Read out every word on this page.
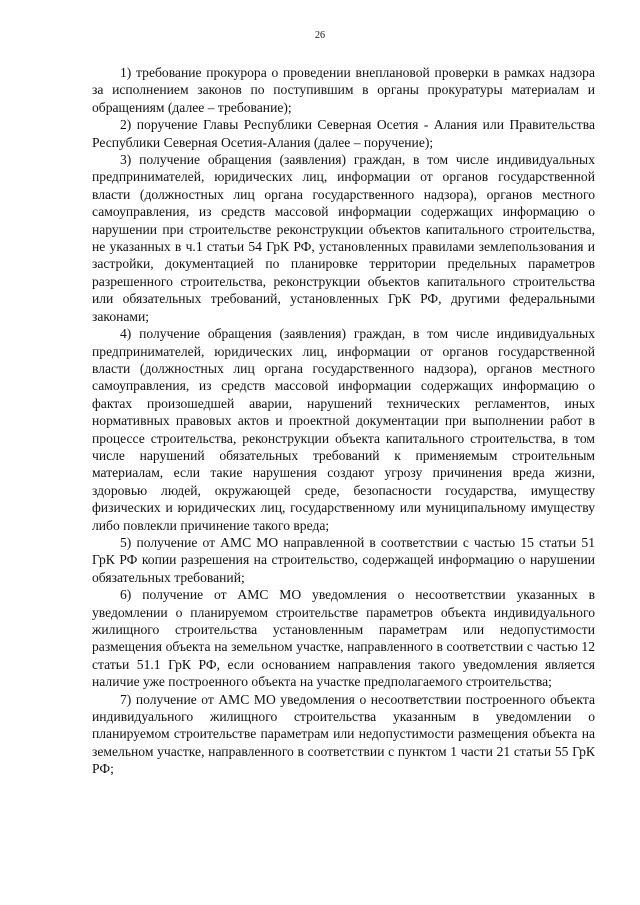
26

1) требование прокурора о проведении внеплановой проверки в рамках надзора за исполнением законов по поступившим в органы прокуратуры материалам и обращениям (далее – требование);

2) поручение Главы Республики Северная Осетия - Алания или Правительства Республики Северная Осетия-Алания (далее – поручение);

3) получение обращения (заявления) граждан, в том числе индивидуальных предпринимателей, юридических лиц, информации от органов государственной власти (должностных лиц органа государственного надзора), органов местного самоуправления, из средств массовой информации содержащих информацию о нарушении при строительстве реконструкции объектов капитального строительства, не указанных в ч.1 статьи 54 ГрК РФ, установленных правилами землепользования и застройки, документацией по планировке территории предельных параметров разрешенного строительства, реконструкции объектов капитального строительства или обязательных требований, установленных ГрК РФ, другими федеральными законами;

4) получение обращения (заявления) граждан, в том числе индивидуальных предпринимателей, юридических лиц, информации от органов государственной власти (должностных лиц органа государственного надзора), органов местного самоуправления, из средств массовой информации содержащих информацию о фактах произошедшей аварии, нарушений технических регламентов, иных нормативных правовых актов и проектной документации при выполнении работ в процессе строительства, реконструкции объекта капитального строительства, в том числе нарушений обязательных требований к применяемым строительным материалам, если такие нарушения создают угрозу причинения вреда жизни, здоровью людей, окружающей среде, безопасности государства, имуществу физических и юридических лиц, государственному или муниципальному имуществу либо повлекли причинение такого вреда;

5) получение от АМС МО направленной в соответствии с частью 15 статьи 51 ГрК РФ копии разрешения на строительство, содержащей информацию о нарушении обязательных требований;

6) получение от АМС МО уведомления о несоответствии указанных в уведомлении о планируемом строительстве параметров объекта индивидуального жилищного строительства установленным параметрам или недопустимости размещения объекта на земельном участке, направленного в соответствии с частью 12 статьи 51.1 ГрК РФ, если основанием направления такого уведомления является наличие уже построенного объекта на участке предполагаемого строительства;

7) получение от АМС МО уведомления о несоответствии построенного объекта индивидуального жилищного строительства указанным в уведомлении о планируемом строительстве параметрам или недопустимости размещения объекта на земельном участке, направленного в соответствии с пунктом 1 части 21 статьи 55 ГрК РФ;
